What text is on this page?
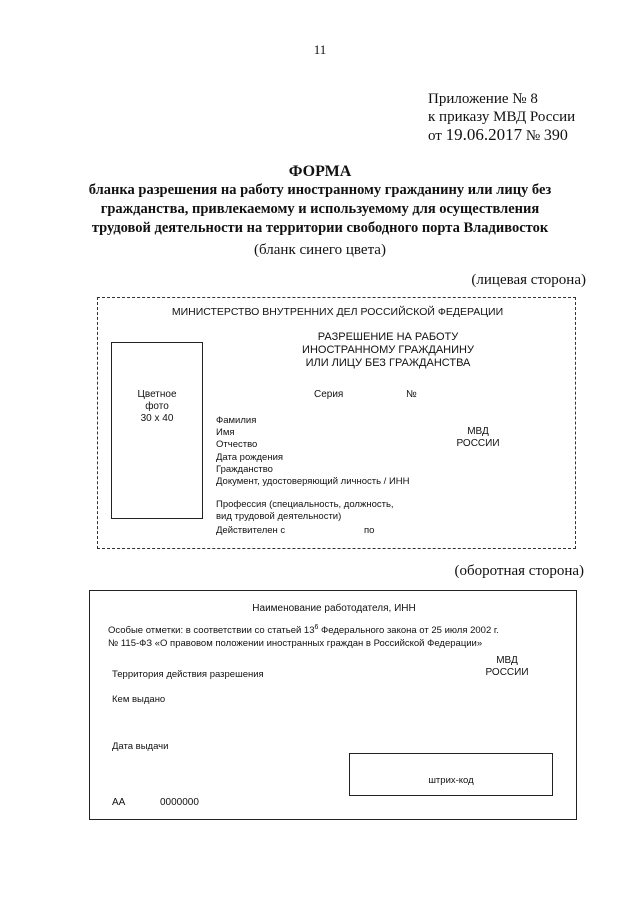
11
Приложение № 8
к приказу МВД России
от 19.06.2017 № 390
ФОРМА
бланка разрешения на работу иностранному гражданину или лицу без гражданства, привлекаемому и используемому для осуществления трудовой деятельности на территории свободного порта Владивосток
(бланк синего цвета)
(лицевая сторона)
МИНИСТЕРСТВО ВНУТРЕННИХ ДЕЛ РОССИЙСКОЙ ФЕДЕРАЦИИ
РАЗРЕШЕНИЕ НА РАБОТУ
ИНОСТРАННОМУ ГРАЖДАНИНУ
ИЛИ ЛИЦУ БЕЗ ГРАЖДАНСТВА
Цветное
фото
30 х 40
Серия	№
МВД
РОССИИ
Фамилия
Имя
Отчество
Дата рождения
Гражданство
Документ, удостоверяющий личность / ИНН
Профессия (специальность, должность,
вид трудовой деятельности)
Действителен с	по
(оборотная сторона)
Наименование работодателя, ИНН
Особые отметки: в соответствии со статьей $13^6$ Федерального закона от 25 июля 2002 г.
№ 115-ФЗ «О правовом положении иностранных граждан в Российской Федерации»
МВД
РОССИИ
Территория действия разрешения
Кем выдано
Дата выдачи
штрих-код
АА	0000000
